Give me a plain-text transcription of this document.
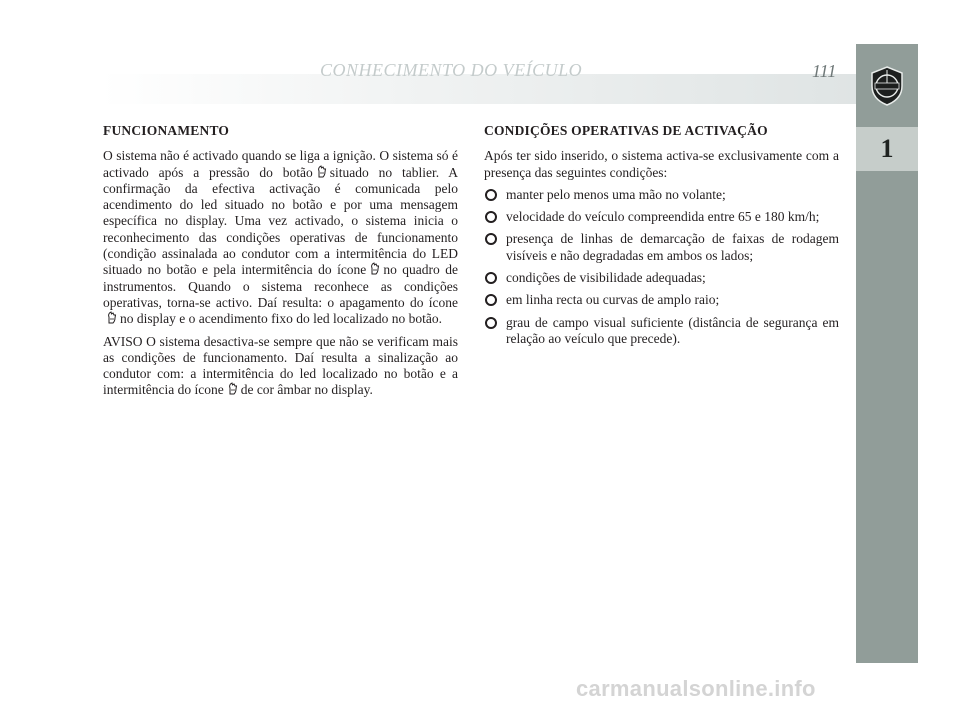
CONHECIMENTO DO VEÍCULO	111
1
FUNCIONAMENTO

O sistema não é activado quando se liga a ignição. O sistema só é activado após a pressão do botão situado no tablier. A confirmação da efectiva activação é comunicada pelo acendimento do led situado no botão e por uma mensagem específica no display. Uma vez activado, o sistema inicia o reconhecimento das condições operativas de funcionamento (condição assinalada ao condutor com a intermitência do LED situado no botão e pela intermitência do ícone no quadro de instrumentos. Quando o sistema reconhece as condições operativas, torna-se activo. Daí resulta: o apagamento do íconeno display e o acendimento fixo do led localizado no botão.

AVISO O sistema desactiva-se sempre que não se verificam mais as condições de funcionamento. Daí resulta a sinalização ao condutor com: a intermitência do led localizado no botão e a intermitência do ícone de cor âmbar no display.

CONDIÇÕES OPERATIVAS DE ACTIVAÇÃO

Após ter sido inserido, o sistema activa-se exclusivamente com a presença das seguintes condições:

manter pelo menos uma mão no volante;
velocidade do veículo compreendida entre 65 e 180 km/h;
presença de linhas de demarcação de faixas de rodagem visíveis e não degradadas em ambos os lados;
condições de visibilidade adequadas;
em linha recta ou curvas de amplo raio;
grau de campo visual suficiente (distância de segurança em relação ao veículo que precede).
carmanualsonline.info
